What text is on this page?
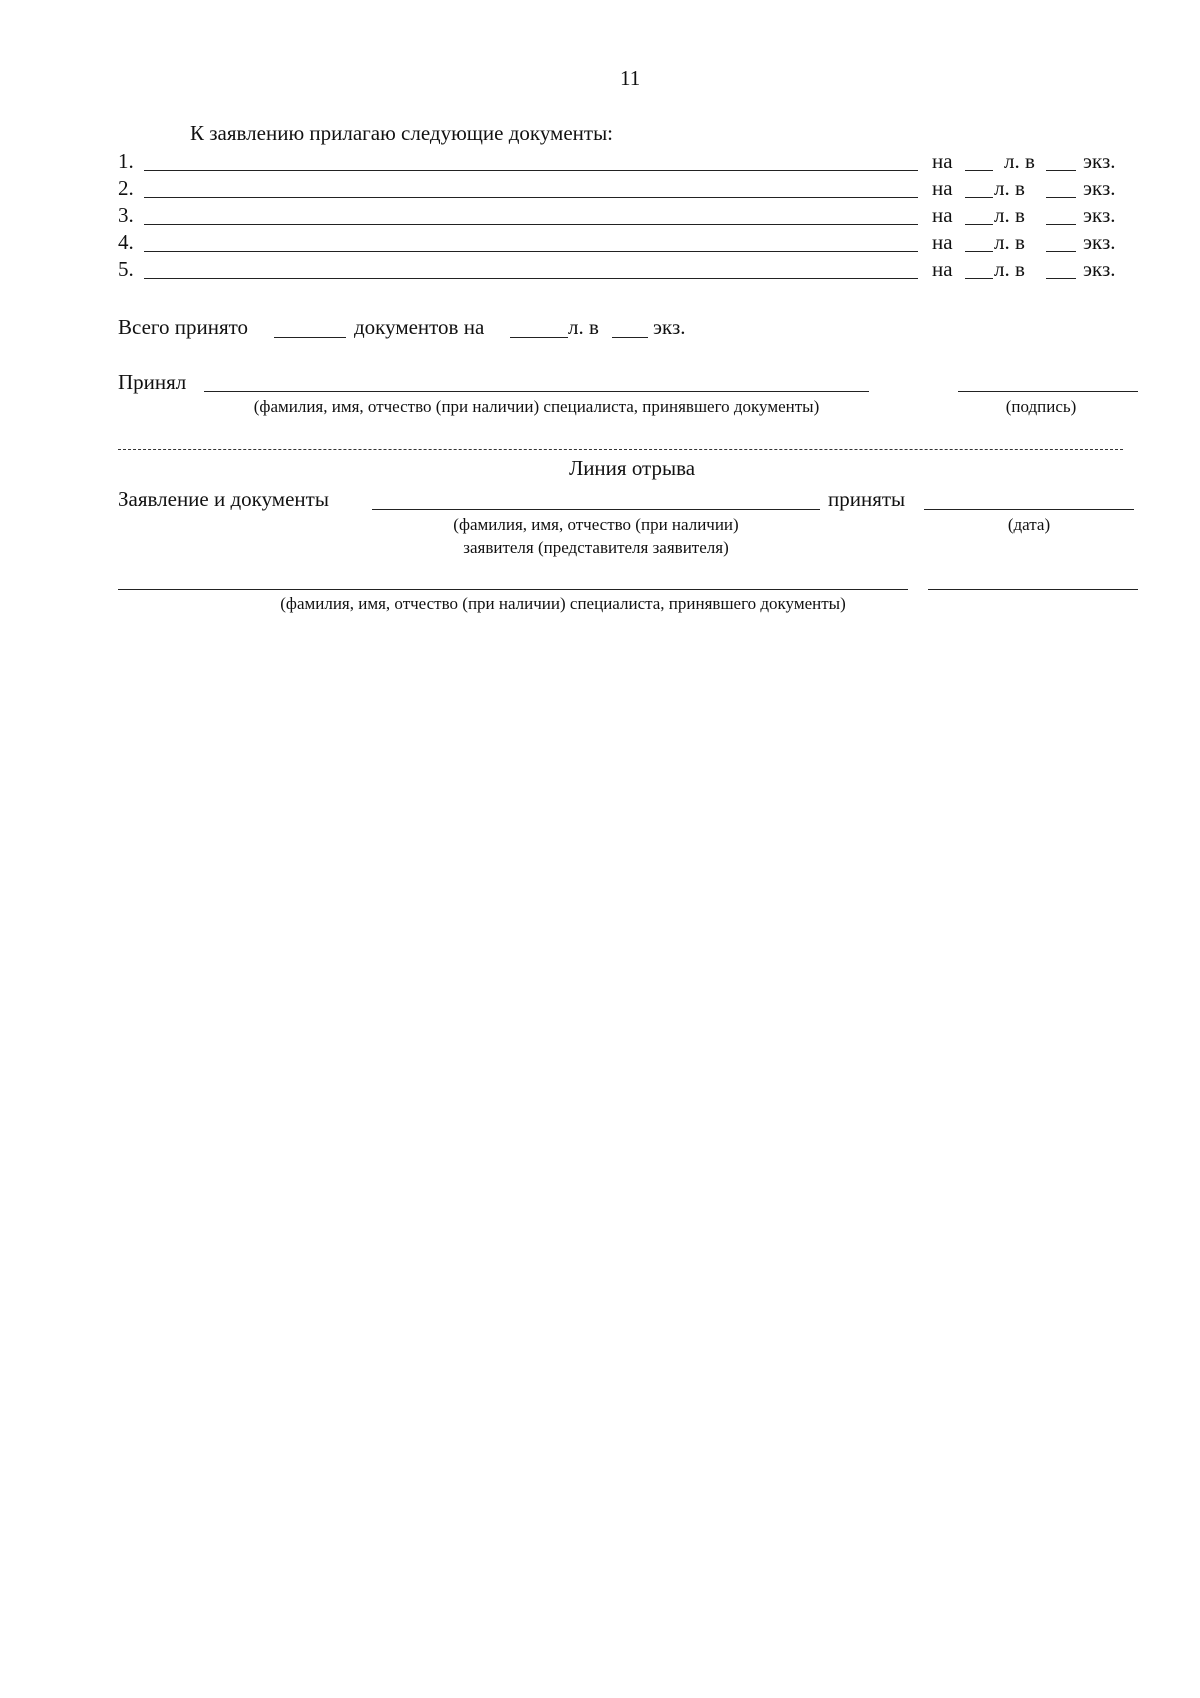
11
К заявлению прилагаю следующие документы:
1.	на л. в экз.
2.	на л. в	экз.
3.	на л. в	экз.
4.	на л. в	экз.
5.	на л. в	экз.
Всего принято	документов на	л. в	экз.
Принял
(фамилия, имя, отчество (при наличии) специалиста, принявшего документы)	(подпись)
Линия отрыва
Заявление и документы	приняты
(фамилия, имя, отчество (при наличии)
заявителя (представителя заявителя)
(дата)
(фамилия, имя, отчество (при наличии) специалиста, принявшего документы)
